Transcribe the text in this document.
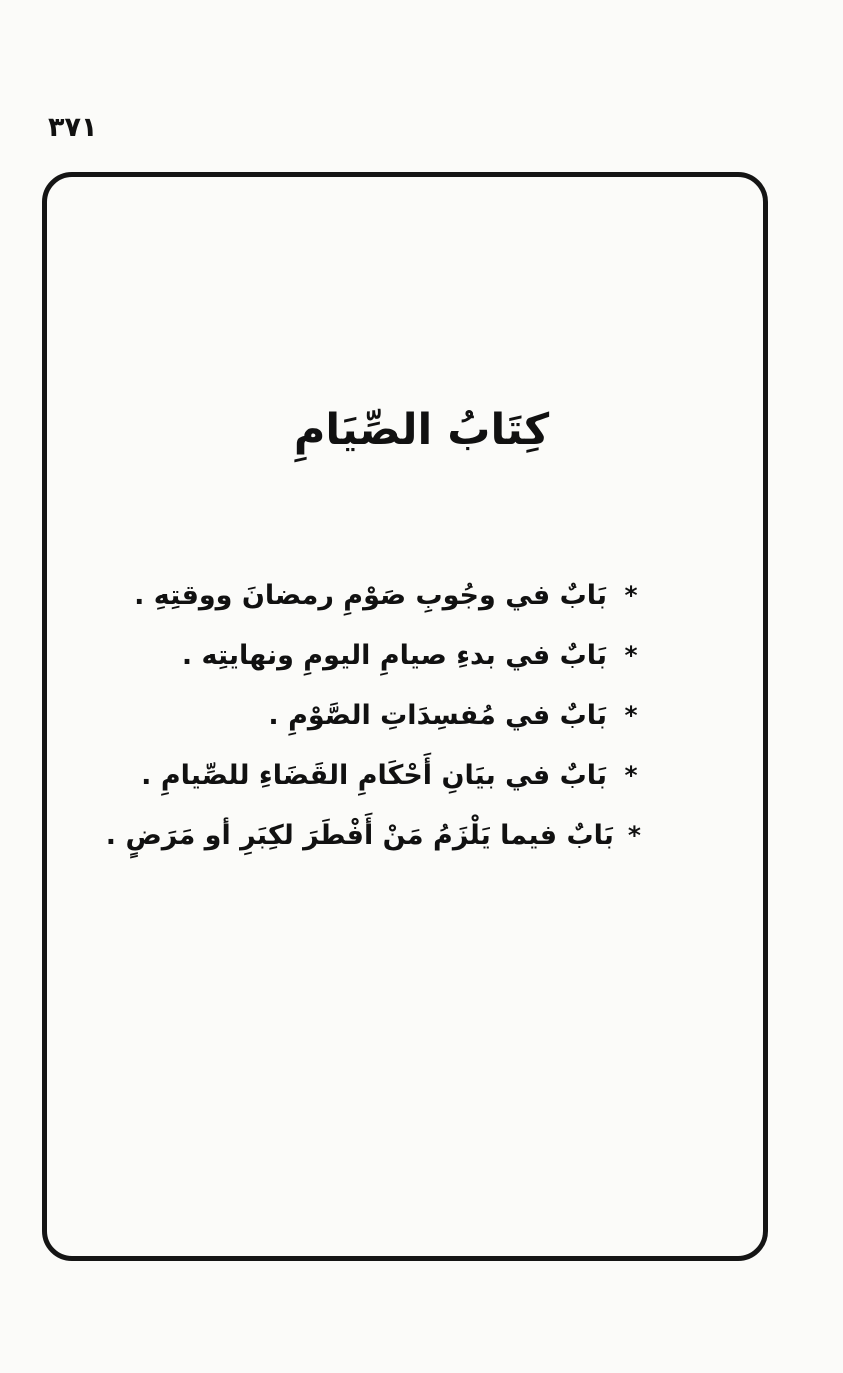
٣٧١
كِتَابُ الصِّيَامِ
*
بَابٌ في وجُوبِ صَوْمِ رمضانَ ووقتِهِ .
*
بَابٌ في بدءِ صيامِ اليومِ ونهايتِه .
*
بَابٌ في مُفسِدَاتِ الصَّوْمِ .
*
بَابٌ في بيَانِ أَحْكَامِ القَضَاءِ للصِّيامِ .
*
بَابٌ فيما يَلْزَمُ مَنْ أَفْطَرَ لكِبَرِ أو مَرَضٍ .
